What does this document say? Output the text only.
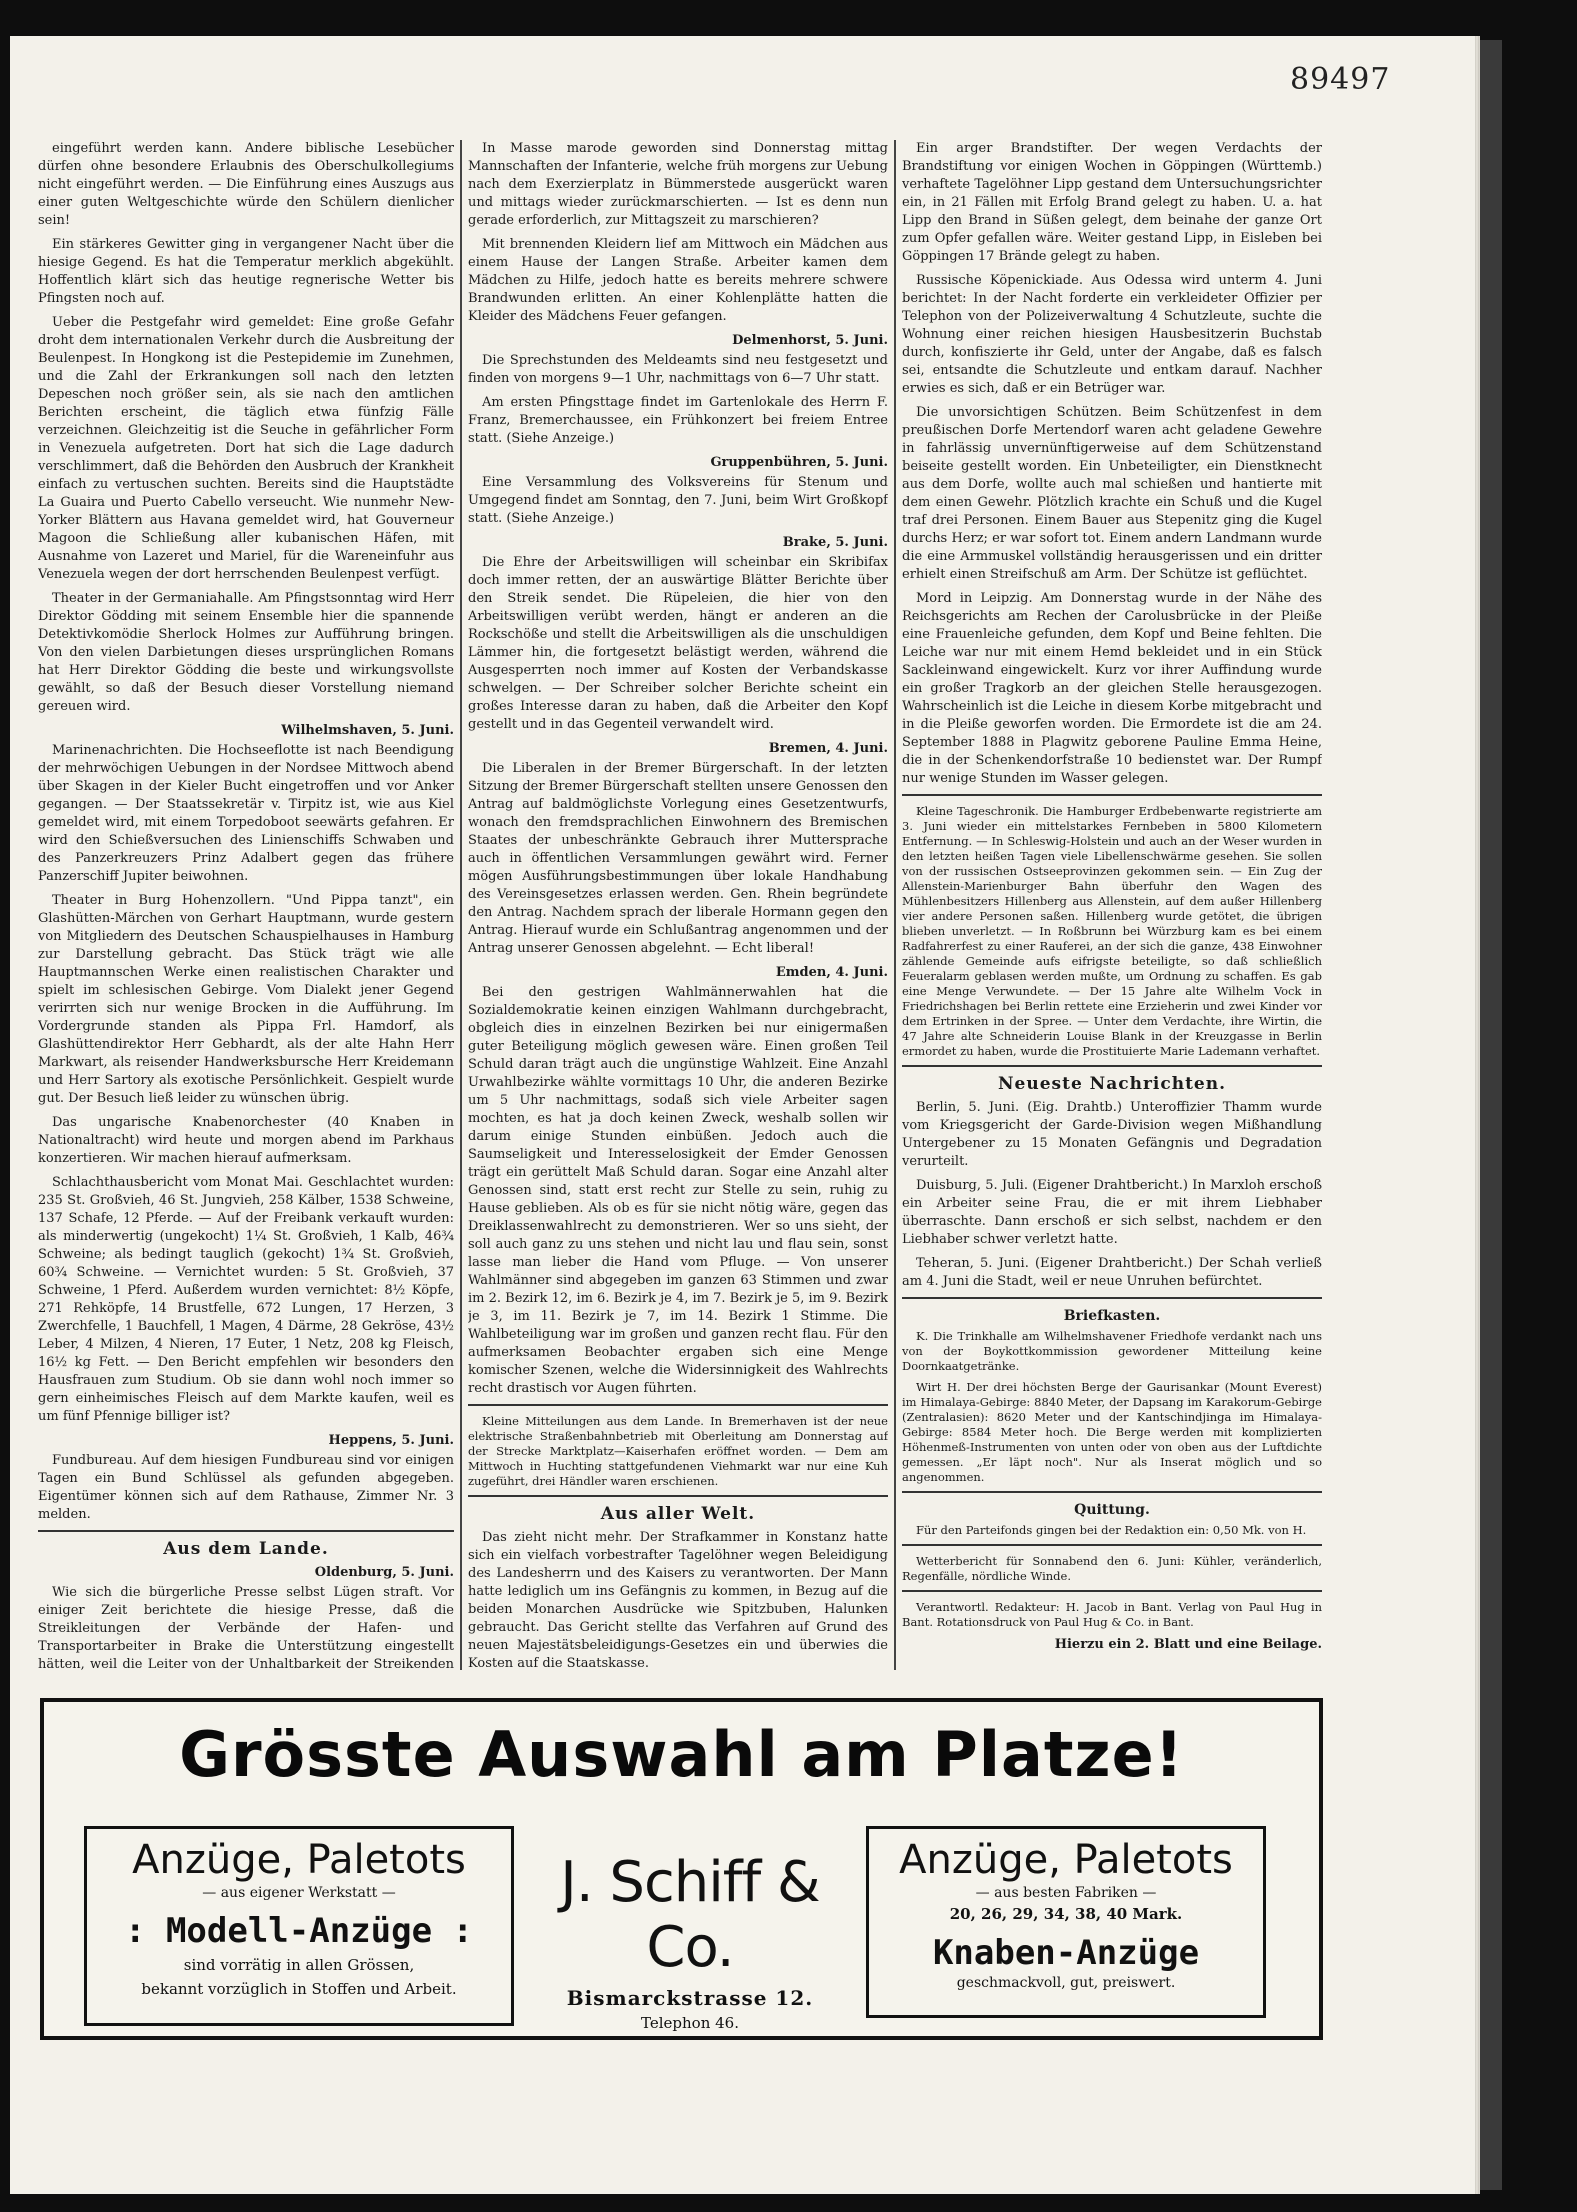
89497

eingeführt werden kann. Andere biblische Lesebücher dürfen ohne besondere Erlaubnis des Oberschulkollegiums nicht eingeführt werden. — Die Einführung eines Auszugs aus einer guten Weltgeschichte würde den Schülern dienlicher sein!

Ein stärkeres Gewitter ging in vergangener Nacht über die hiesige Gegend. Es hat die Temperatur merklich abgekühlt. Hoffentlich klärt sich das heutige regnerische Wetter bis Pfingsten noch auf.

Ueber die Pestgefahr wird gemeldet: Eine große Gefahr droht dem internationalen Verkehr durch die Ausbreitung der Beulenpest. In Hongkong ist die Pestepidemie im Zunehmen, und die Zahl der Erkrankungen soll nach den letzten Depeschen noch größer sein, als sie nach den amtlichen Berichten erscheint, die täglich etwa fünfzig Fälle verzeichnen. Gleichzeitig ist die Seuche in gefährlicher Form in Venezuela aufgetreten. Dort hat sich die Lage dadurch verschlimmert, daß die Behörden den Ausbruch der Krankheit einfach zu vertuschen suchten. Bereits sind die Hauptstädte La Guaira und Puerto Cabello verseucht. Wie nunmehr New-Yorker Blättern aus Havana gemeldet wird, hat Gouverneur Magoon die Schließung aller kubanischen Häfen, mit Ausnahme von Lazeret und Mariel, für die Wareneinfuhr aus Venezuela wegen der dort herrschenden Beulenpest verfügt.

Theater in der Germaniahalle. Am Pfingstsonntag wird Herr Direktor Gödding mit seinem Ensemble hier die spannende Detektivkomödie Sherlock Holmes zur Aufführung bringen. Von den vielen Darbietungen dieses ursprünglichen Romans hat Herr Direktor Gödding die beste und wirkungsvollste gewählt, so daß der Besuch dieser Vorstellung niemand gereuen wird.

Wilhelmshaven, 5. Juni.

Marinenachrichten. Die Hochseeflotte ist nach Beendigung der mehrwöchigen Uebungen in der Nordsee Mittwoch abend über Skagen in der Kieler Bucht eingetroffen und vor Anker gegangen. — Der Staatssekretär v. Tirpitz ist, wie aus Kiel gemeldet wird, mit einem Torpedoboot seewärts gefahren. Er wird den Schießversuchen des Linienschiffs Schwaben und des Panzerkreuzers Prinz Adalbert gegen das frühere Panzerschiff Jupiter beiwohnen.

Theater in Burg Hohenzollern. "Und Pippa tanzt", ein Glashütten-Märchen von Gerhart Hauptmann, wurde gestern von Mitgliedern des Deutschen Schauspielhauses in Hamburg zur Darstellung gebracht. Das Stück trägt wie alle Hauptmannschen Werke einen realistischen Charakter und spielt im schlesischen Gebirge. Vom Dialekt jener Gegend verirrten sich nur wenige Brocken in die Aufführung. Im Vordergrunde standen als Pippa Frl. Hamdorf, als Glashüttendirektor Herr Gebhardt, als der alte Hahn Herr Markwart, als reisender Handwerksbursche Herr Kreidemann und Herr Sartory als exotische Persönlichkeit. Gespielt wurde gut. Der Besuch ließ leider zu wünschen übrig.

Das ungarische Knabenorchester (40 Knaben in Nationaltracht) wird heute und morgen abend im Parkhaus konzertieren. Wir machen hierauf aufmerksam.

Schlachthausbericht vom Monat Mai. Geschlachtet wurden: 235 St. Großvieh, 46 St. Jungvieh, 258 Kälber, 1538 Schweine, 137 Schafe, 12 Pferde. — Auf der Freibank verkauft wurden: als minderwertig (ungekocht) 1¼ St. Großvieh, 1 Kalb, 46¾ Schweine; als bedingt tauglich (gekocht) 1¾ St. Großvieh, 60¾ Schweine. — Vernichtet wurden: 5 St. Großvieh, 37 Schweine, 1 Pferd. Außerdem wurden vernichtet: 8½ Köpfe, 271 Rehköpfe, 14 Brustfelle, 672 Lungen, 17 Herzen, 3 Zwerchfelle, 1 Bauchfell, 1 Magen, 4 Därme, 28 Gekröse, 43½ Leber, 4 Milzen, 4 Nieren, 17 Euter, 1 Netz, 208 kg Fleisch, 16½ kg Fett. — Den Bericht empfehlen wir besonders den Hausfrauen zum Studium. Ob sie dann wohl noch immer so gern einheimisches Fleisch auf dem Markte kaufen, weil es um fünf Pfennige billiger ist?

Heppens, 5. Juni.

Fundbureau. Auf dem hiesigen Fundbureau sind vor einigen Tagen ein Bund Schlüssel als gefunden abgegeben. Eigentümer können sich auf dem Rathause, Zimmer Nr. 3 melden.

Aus dem Lande.
Oldenburg, 5. Juni.

Wie sich die bürgerliche Presse selbst Lügen straft. Vor einiger Zeit berichtete die hiesige Presse, daß die Streikleitungen der Verbände der Hafen- und Transportarbeiter in Brake die Unterstützung eingestellt hätten, weil die Leiter von der Unhaltbarkeit der Streikenden

In Masse marode geworden sind Donnerstag mittag Mannschaften der Infanterie, welche früh morgens zur Uebung nach dem Exerzierplatz in Bümmerstede ausgerückt waren und mittags wieder zurückmarschierten. — Ist es denn nun gerade erforderlich, zur Mittagszeit zu marschieren?

Mit brennenden Kleidern lief am Mittwoch ein Mädchen aus einem Hause der Langen Straße. Arbeiter kamen dem Mädchen zu Hilfe, jedoch hatte es bereits mehrere schwere Brandwunden erlitten. An einer Kohlenplätte hatten die Kleider des Mädchens Feuer gefangen.

Delmenhorst, 5. Juni.

Die Sprechstunden des Meldeamts sind neu festgesetzt und finden von morgens 9—1 Uhr, nachmittags von 6—7 Uhr statt.

Am ersten Pfingsttage findet im Gartenlokale des Herrn F. Franz, Bremerchaussee, ein Frühkonzert bei freiem Entree statt. (Siehe Anzeige.)

Gruppenbühren, 5. Juni.

Eine Versammlung des Volksvereins für Stenum und Umgegend findet am Sonntag, den 7. Juni, beim Wirt Großkopf statt. (Siehe Anzeige.)

Brake, 5. Juni.

Die Ehre der Arbeitswilligen will scheinbar ein Skribifax doch immer retten, der an auswärtige Blätter Berichte über den Streik sendet. Die Rüpeleien, die hier von den Arbeitswilligen verübt werden, hängt er anderen an die Rockschöße und stellt die Arbeitswilligen als die unschuldigen Lämmer hin, die fortgesetzt belästigt werden, während die Ausgesperrten noch immer auf Kosten der Verbandskasse schwelgen. — Der Schreiber solcher Berichte scheint ein großes Interesse daran zu haben, daß die Arbeiter den Kopf gestellt und in das Gegenteil verwandelt wird.

Bremen, 4. Juni.

Die Liberalen in der Bremer Bürgerschaft. In der letzten Sitzung der Bremer Bürgerschaft stellten unsere Genossen den Antrag auf baldmöglichste Vorlegung eines Gesetzentwurfs, wonach den fremdsprachlichen Einwohnern des Bremischen Staates der unbeschränkte Gebrauch ihrer Muttersprache auch in öffentlichen Versammlungen gewährt wird. Ferner mögen Ausführungsbestimmungen über lokale Handhabung des Vereinsgesetzes erlassen werden. Gen. Rhein begründete den Antrag. Nachdem sprach der liberale Hormann gegen den Antrag. Hierauf wurde ein Schlußantrag angenommen und der Antrag unserer Genossen abgelehnt. — Echt liberal!

Emden, 4. Juni.

Bei den gestrigen Wahlmännerwahlen hat die Sozialdemokratie keinen einzigen Wahlmann durchgebracht, obgleich dies in einzelnen Bezirken bei nur einigermaßen guter Beteiligung möglich gewesen wäre. Einen großen Teil Schuld daran trägt auch die ungünstige Wahlzeit. Eine Anzahl Urwahlbezirke wählte vormittags 10 Uhr, die anderen Bezirke um 5 Uhr nachmittags, sodaß sich viele Arbeiter sagen mochten, es hat ja doch keinen Zweck, weshalb sollen wir darum einige Stunden einbüßen. Jedoch auch die Saumseligkeit und Interesselosigkeit der Emder Genossen trägt ein gerüttelt Maß Schuld daran. Sogar eine Anzahl alter Genossen sind, statt erst recht zur Stelle zu sein, ruhig zu Hause geblieben. Als ob es für sie nicht nötig wäre, gegen das Dreiklassenwahlrecht zu demonstrieren. Wer so uns sieht, der soll auch ganz zu uns stehen und nicht lau und flau sein, sonst lasse man lieber die Hand vom Pfluge. — Von unserer Wahlmänner sind abgegeben im ganzen 63 Stimmen und zwar im 2. Bezirk 12, im 6. Bezirk je 4, im 7. Bezirk je 5, im 9. Bezirk je 3, im 11. Bezirk je 7, im 14. Bezirk 1 Stimme. Die Wahlbeteiligung war im großen und ganzen recht flau. Für den aufmerksamen Beobachter ergaben sich eine Menge komischer Szenen, welche die Widersinnigkeit des Wahlrechts recht drastisch vor Augen führten.

Kleine Mitteilungen aus dem Lande. In Bremerhaven ist der neue elektrische Straßenbahnbetrieb mit Oberleitung am Donnerstag auf der Strecke Marktplatz—Kaiserhafen eröffnet worden. — Dem am Mittwoch in Huchting stattgefundenen Viehmarkt war nur eine Kuh zugeführt, drei Händler waren erschienen.

Aus aller Welt.

Das zieht nicht mehr. Der Strafkammer in Konstanz hatte sich ein vielfach vorbestrafter Tagelöhner wegen Beleidigung des Landesherrn und des Kaisers zu verantworten. Der Mann hatte lediglich um ins Gefängnis zu kommen, in Bezug auf die beiden Monarchen Ausdrücke wie Spitzbuben, Halunken gebraucht. Das Gericht stellte das Verfahren auf Grund des neuen Majestätsbeleidigungs-Gesetzes ein und überwies die Kosten auf die Staatskasse.

Ein arger Brandstifter. Der wegen Verdachts der Brandstiftung vor einigen Wochen in Göppingen (Württemb.) verhaftete Tagelöhner Lipp gestand dem Untersuchungsrichter ein, in 21 Fällen mit Erfolg Brand gelegt zu haben. U. a. hat Lipp den Brand in Süßen gelegt, dem beinahe der ganze Ort zum Opfer gefallen wäre. Weiter gestand Lipp, in Eisleben bei Göppingen 17 Brände gelegt zu haben.

Russische Köpenickiade. Aus Odessa wird unterm 4. Juni berichtet: In der Nacht forderte ein verkleideter Offizier per Telephon von der Polizeiverwaltung 4 Schutzleute, suchte die Wohnung einer reichen hiesigen Hausbesitzerin Buchstab durch, konfiszierte ihr Geld, unter der Angabe, daß es falsch sei, entsandte die Schutzleute und entkam darauf. Nachher erwies es sich, daß er ein Betrüger war.

Die unvorsichtigen Schützen. Beim Schützenfest in dem preußischen Dorfe Mertendorf waren acht geladene Gewehre in fahrlässig unvernünftigerweise auf dem Schützenstand beiseite gestellt worden. Ein Unbeteiligter, ein Dienstknecht aus dem Dorfe, wollte auch mal schießen und hantierte mit dem einen Gewehr. Plötzlich krachte ein Schuß und die Kugel traf drei Personen. Einem Bauer aus Stepenitz ging die Kugel durchs Herz; er war sofort tot. Einem andern Landmann wurde die eine Armmuskel vollständig herausgerissen und ein dritter erhielt einen Streifschuß am Arm. Der Schütze ist geflüchtet.

Mord in Leipzig. Am Donnerstag wurde in der Nähe des Reichsgerichts am Rechen der Carolusbrücke in der Pleiße eine Frauenleiche gefunden, dem Kopf und Beine fehlten. Die Leiche war nur mit einem Hemd bekleidet und in ein Stück Sackleinwand eingewickelt. Kurz vor ihrer Auffindung wurde ein großer Tragkorb an der gleichen Stelle herausgezogen. Wahrscheinlich ist die Leiche in diesem Korbe mitgebracht und in die Pleiße geworfen worden. Die Ermordete ist die am 24. September 1888 in Plagwitz geborene Pauline Emma Heine, die in der Schenkendorfstraße 10 bedienstet war. Der Rumpf nur wenige Stunden im Wasser gelegen.

Kleine Tageschronik. Die Hamburger Erdbebenwarte registrierte am 3. Juni wieder ein mittelstarkes Fernbeben in 5800 Kilometern Entfernung. — In Schleswig-Holstein und auch an der Weser wurden in den letzten heißen Tagen viele Libellenschwärme gesehen. Sie sollen von der russischen Ostseeprovinzen gekommen sein. — Ein Zug der Allenstein-Marienburger Bahn überfuhr den Wagen des Mühlenbesitzers Hillenberg aus Allenstein, auf dem außer Hillenberg vier andere Personen saßen. Hillenberg wurde getötet, die übrigen blieben unverletzt. — In Roßbrunn bei Würzburg kam es bei einem Radfahrerfest zu einer Rauferei, an der sich die ganze, 438 Einwohner zählende Gemeinde aufs eifrigste beteiligte, so daß schließlich Feueralarm geblasen werden mußte, um Ordnung zu schaffen. Es gab eine Menge Verwundete. — Der 15 Jahre alte Wilhelm Vock in Friedrichshagen bei Berlin rettete eine Erzieherin und zwei Kinder vor dem Ertrinken in der Spree. — Unter dem Verdachte, ihre Wirtin, die 47 Jahre alte Schneiderin Louise Blank in der Kreuzgasse in Berlin ermordet zu haben, wurde die Prostituierte Marie Lademann verhaftet.

Neueste Nachrichten.

Berlin, 5. Juni. (Eig. Drahtb.) Unteroffizier Thamm wurde vom Kriegsgericht der Garde-Division wegen Mißhandlung Untergebener zu 15 Monaten Gefängnis und Degradation verurteilt.

Duisburg, 5. Juli. (Eigener Drahtbericht.) In Marxloh erschoß ein Arbeiter seine Frau, die er mit ihrem Liebhaber überraschte. Dann erschoß er sich selbst, nachdem er den Liebhaber schwer verletzt hatte.

Teheran, 5. Juni. (Eigener Drahtbericht.) Der Schah verließ am 4. Juni die Stadt, weil er neue Unruhen befürchtet.

Briefkasten.

K. Die Trinkhalle am Wilhelmshavener Friedhofe verdankt nach uns von der Boykottkommission gewordener Mitteilung keine Doornkaatgetränke.

Wirt H. Der drei höchsten Berge der Gaurisankar (Mount Everest) im Himalaya-Gebirge: 8840 Meter, der Dapsang im Karakorum-Gebirge (Zentralasien): 8620 Meter und der Kantschindjinga im Himalaya-Gebirge: 8584 Meter hoch. Die Berge werden mit komplizierten Höhenmeß-Instrumenten von unten oder von oben aus der Luftdichte gemessen. „Er läpt noch". Nur als Inserat möglich und so angenommen.

Quittung.

Für den Parteifonds gingen bei der Redaktion ein: 0,50 Mk. von H.

Wetterbericht für Sonnabend den 6. Juni: Kühler, veränderlich, Regenfälle, nördliche Winde.

Verantwortl. Redakteur: H. Jacob in Bant. Verlag von Paul Hug in Bant. Rotationsdruck von Paul Hug & Co. in Bant.

Hierzu ein 2. Blatt und eine Beilage.

Grösste Auswahl am Platze!
Anzüge, Paletots
— aus eigener Werkstatt —
: Modell-Anzüge :
sind vorrätig in allen Grössen,
bekannt vorzüglich in Stoffen und Arbeit.
J. Schiff & Co.
Bismarckstrasse 12.
Telephon 46.
Anzüge, Paletots
— aus besten Fabriken —
20, 26, 29, 34, 38, 40 Mark.
Knaben-Anzüge
geschmackvoll, gut, preiswert.
